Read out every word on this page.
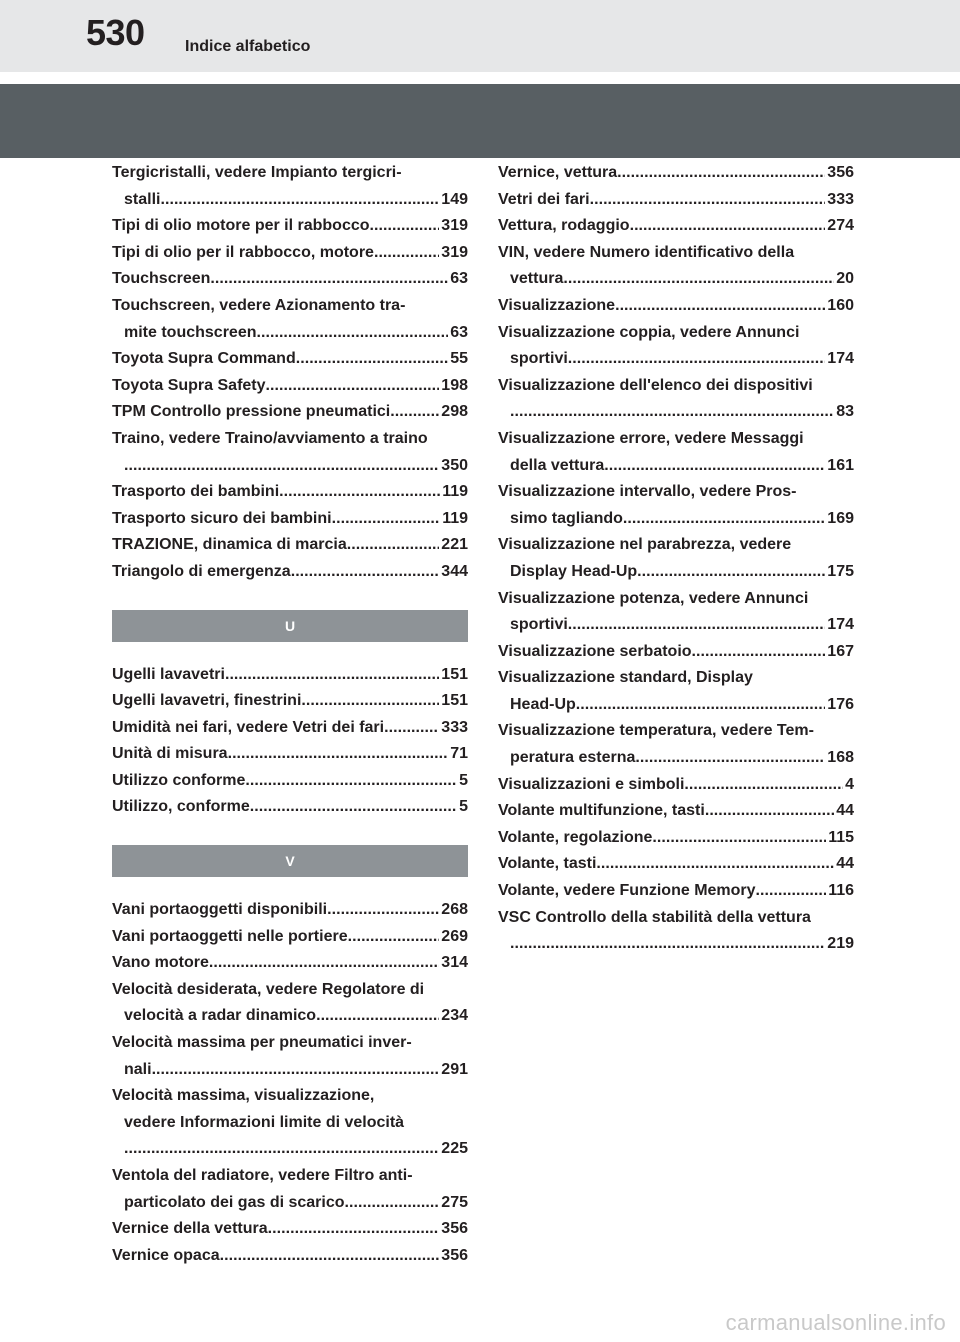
530	Indice alfabetico
Tergicristalli, vedere Impianto tergicri-
stalli	149
. . .
Tipi di olio motore per il rabbocco	319
. . .
Tipi di olio per il rabbocco, motore	319
. . .
Touchscreen	63
. . .
Touchscreen, vedere Azionamento tra-
mite touchscreen	63
. . .
Toyota Supra Command	55
. . .
Toyota Supra Safety	198
. . .
TPM Controllo pressione pneumatici	298
. . .
Traino, vedere Traino/avviamento a traino
350
. . .
Trasporto dei bambini	119
. . .
Trasporto sicuro dei bambini	119
. . .
TRAZIONE, dinamica di marcia	221
. . .
Triangolo di emergenza	344
. . .
U
Ugelli lavavetri	151
. . .
Ugelli lavavetri, finestrini	151
. . .
Umidità nei fari, vedere Vetri dei fari	333
. . .
Unità di misura	71
. . .
Utilizzo conforme	5
. . .
Utilizzo, conforme	5
. . .
V
Vani portaoggetti disponibili	268
. . .
Vani portaoggetti nelle portiere	269
. . .
Vano motore	314
. . .
Velocità desiderata, vedere Regolatore di
velocità a radar dinamico	234
. . .
Velocità massima per pneumatici inver-
nali	291
. . .
Velocità massima, visualizzazione,
vedere Informazioni limite di velocità
225
. . .
Ventola del radiatore, vedere Filtro anti-
particolato dei gas di scarico	275
. . .
Vernice della vettura	356
. . .
Vernice opaca	356
. . .
Vernice, vettura	356
. . .
Vetri dei fari	333
. . .
Vettura, rodaggio	274
. . .
VIN, vedere Numero identificativo della
vettura	20
. . .
Visualizzazione	160
. . .
Visualizzazione coppia, vedere Annunci
sportivi	174
. . .
Visualizzazione dell'elenco dei dispositivi
83
. . .
Visualizzazione errore, vedere Messaggi
della vettura	161
. . .
Visualizzazione intervallo, vedere Pros-
simo tagliando	169
. . .
Visualizzazione nel parabrezza, vedere
Display Head-Up	175
. . .
Visualizzazione potenza, vedere Annunci
sportivi	174
. . .
Visualizzazione serbatoio	167
. . .
Visualizzazione standard, Display
Head-Up	176
. . .
Visualizzazione temperatura, vedere Tem-
peratura esterna	168
. . .
Visualizzazioni e simboli	4
. . .
Volante multifunzione, tasti	44
. . .
Volante, regolazione	115
. . .
Volante, tasti	44
. . .
Volante, vedere Funzione Memory	116
. . .
VSC Controllo della stabilità della vettura
219
. . .
carmanualsonline.info
